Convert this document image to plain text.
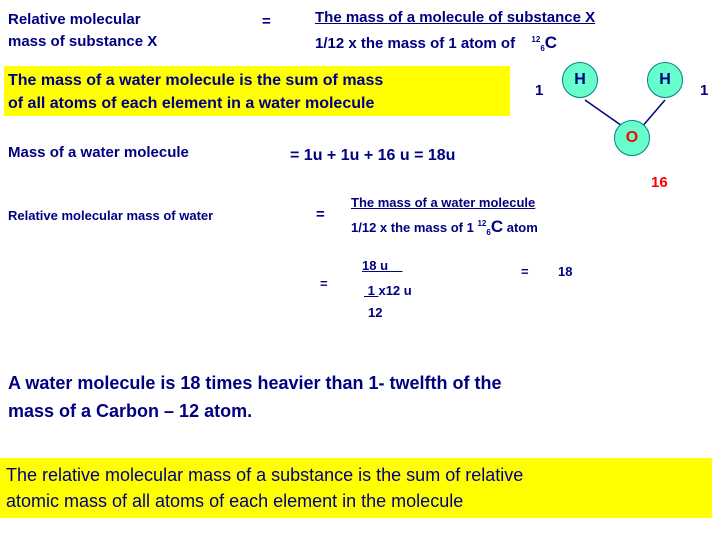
Relative molecular
mass of substance X
=	The mass of a molecule of substance X
1/12 x the mass of 1 atom of $^{12}_6$C
The mass of a water molecule is the sum of mass
of all atoms of each element in a water molecule
H	H
O
1	1
16
Mass of a water molecule	= 1u + 1u + 16 u = 18u
Relative molecular mass of water	=
The mass of a water molecule
1/12 x the mass of 1 $^{12}_6$C atom
=
18 u
1 x12 u
12
= 18
A water molecule is 18 times heavier than 1- twelfth of the
mass of a Carbon – 12 atom.
The relative molecular mass of a substance is the sum of relative
atomic mass of all atoms of each element in the molecule
